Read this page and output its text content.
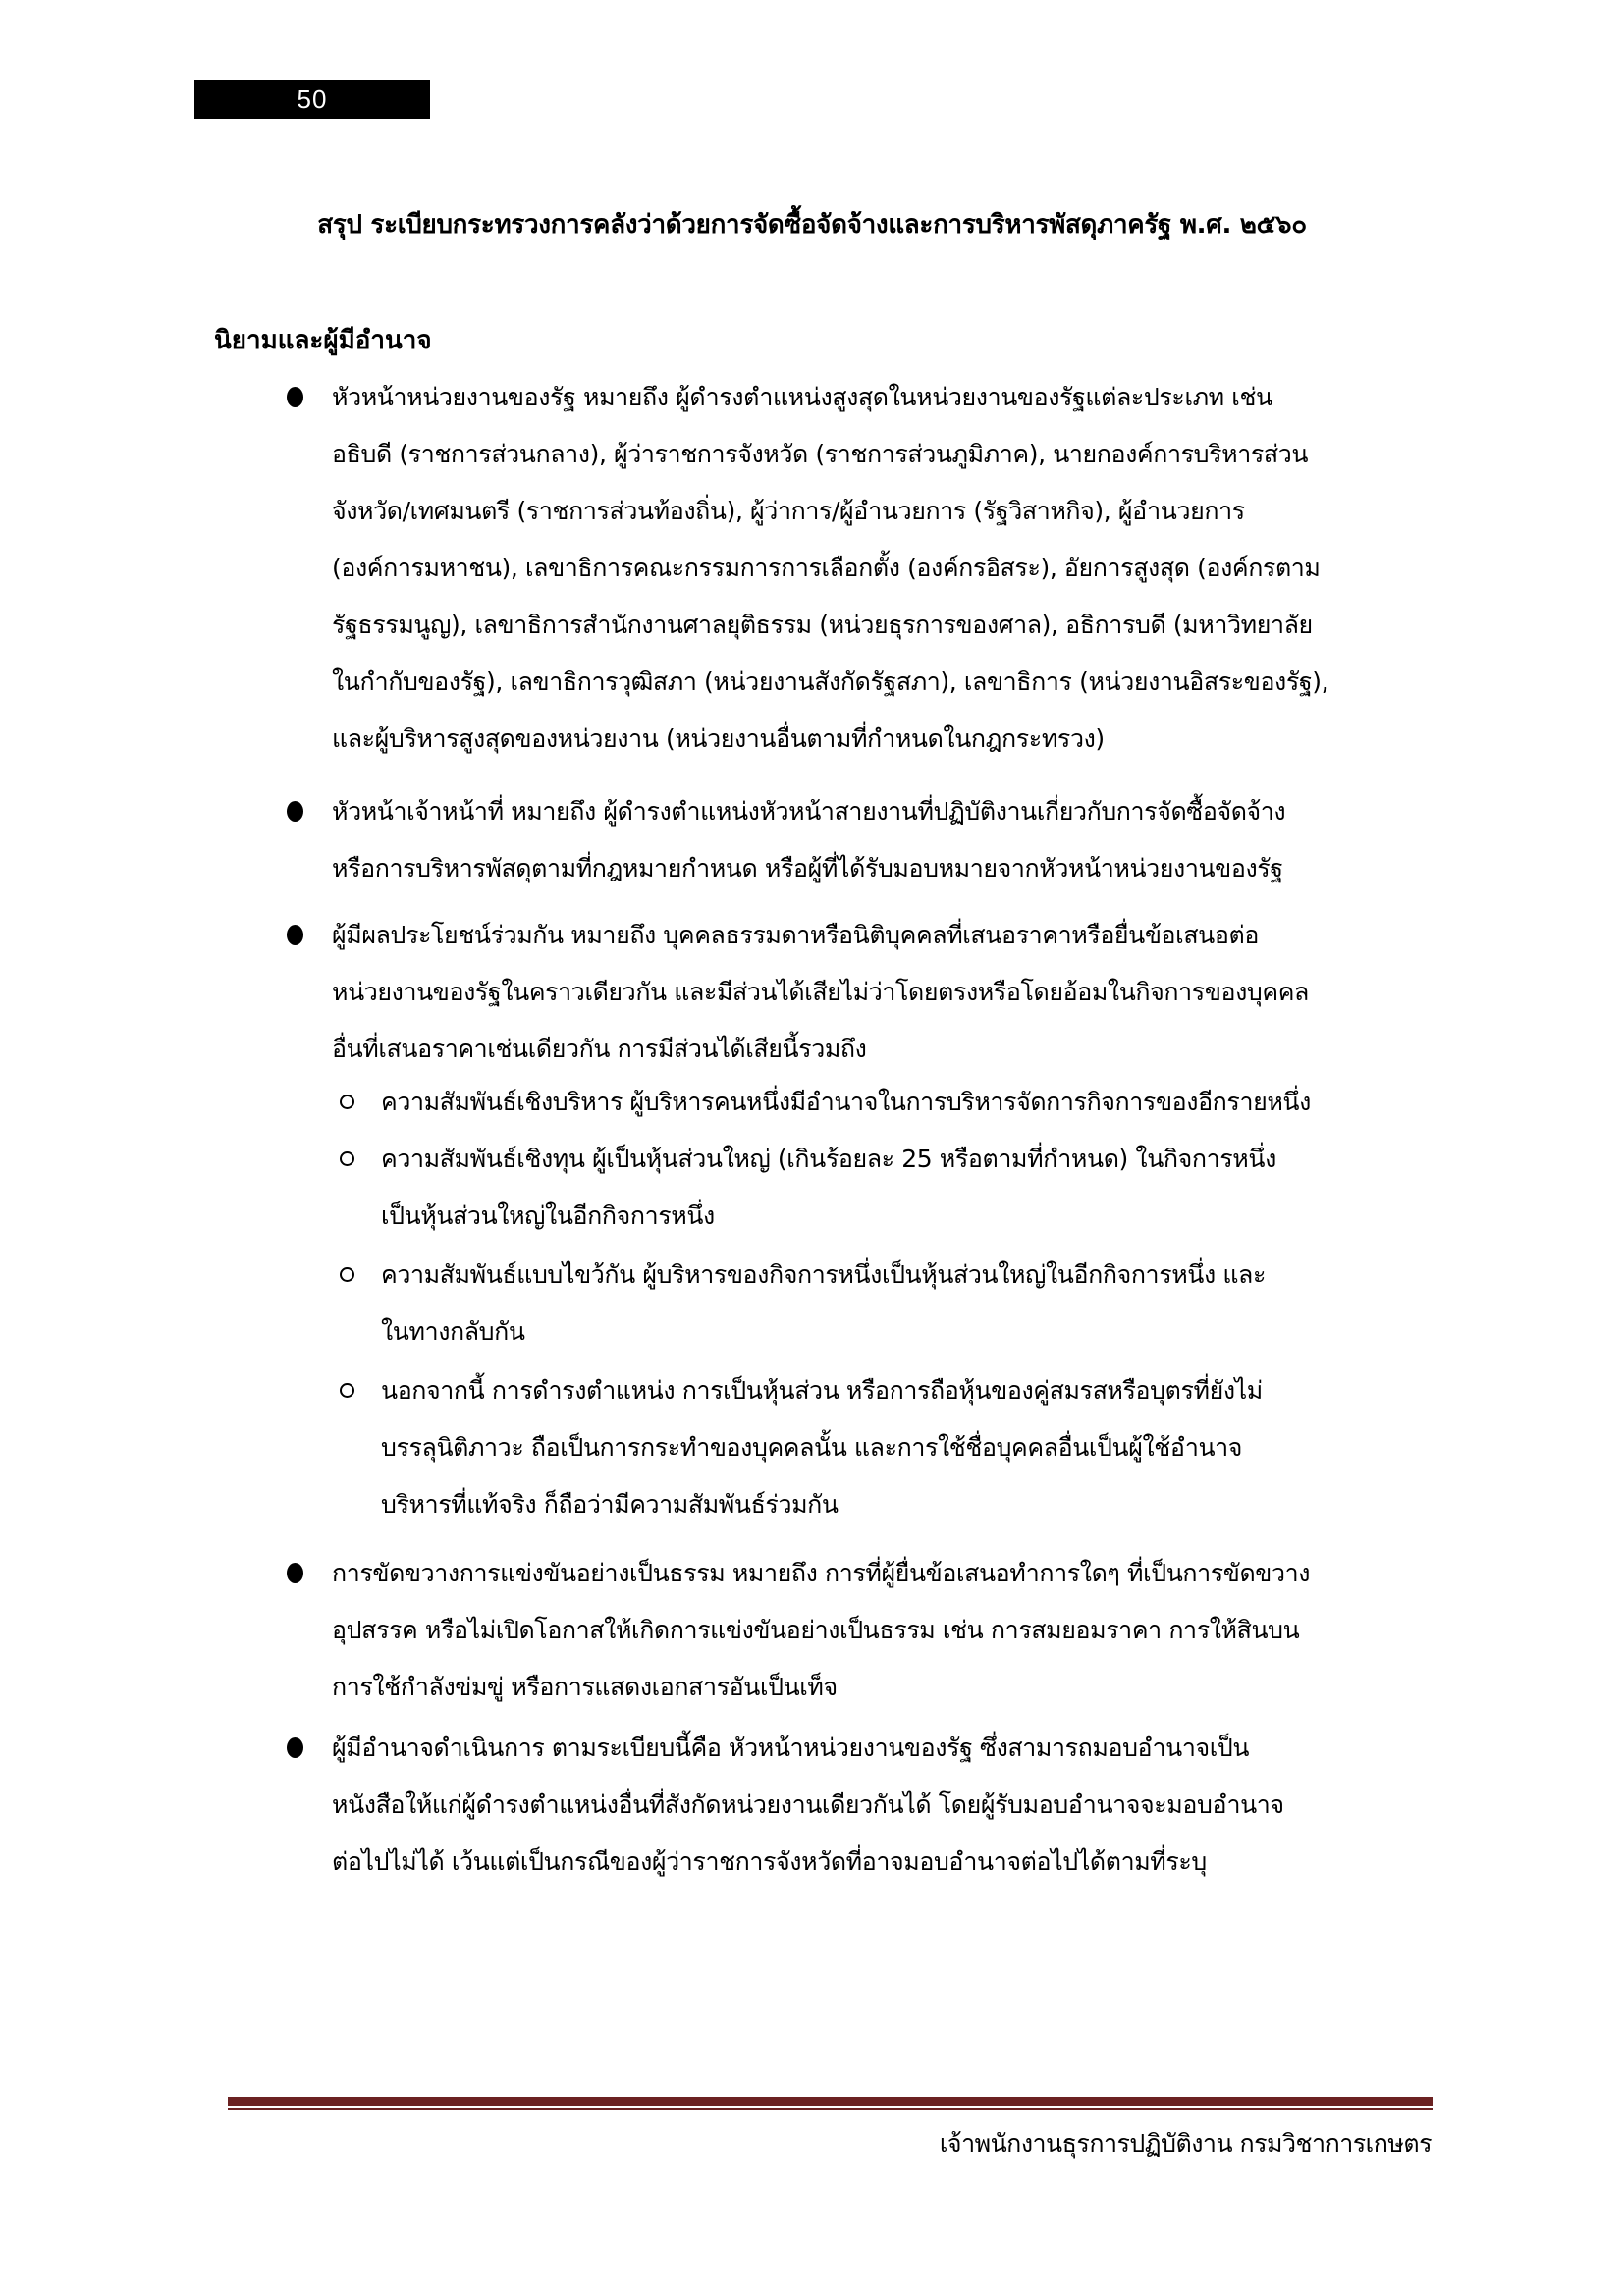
50
สรุป ระเบียบกระทรวงการคลังว่าด้วยการจัดซื้อจัดจ้างและการบริหารพัสดุภาครัฐ พ.ศ. ๒๕๖๐
นิยามและผู้มีอำนาจ
หัวหน้าหน่วยงานของรัฐ หมายถึง ผู้ดำรงตำแหน่งสูงสุดในหน่วยงานของรัฐแต่ละประเภท เช่น
อธิบดี (ราชการส่วนกลาง), ผู้ว่าราชการจังหวัด (ราชการส่วนภูมิภาค), นายกองค์การบริหารส่วน
จังหวัด/เทศมนตรี (ราชการส่วนท้องถิ่น), ผู้ว่าการ/ผู้อำนวยการ (รัฐวิสาหกิจ), ผู้อำนวยการ
(องค์การมหาชน), เลขาธิการคณะกรรมการการเลือกตั้ง (องค์กรอิสระ), อัยการสูงสุด (องค์กรตาม
รัฐธรรมนูญ), เลขาธิการสำนักงานศาลยุติธรรม (หน่วยธุรการของศาล), อธิการบดี (มหาวิทยาลัย
ในกำกับของรัฐ), เลขาธิการวุฒิสภา (หน่วยงานสังกัดรัฐสภา), เลขาธิการ (หน่วยงานอิสระของรัฐ),
และผู้บริหารสูงสุดของหน่วยงาน (หน่วยงานอื่นตามที่กำหนดในกฎกระทรวง)
หัวหน้าเจ้าหน้าที่ หมายถึง ผู้ดำรงตำแหน่งหัวหน้าสายงานที่ปฏิบัติงานเกี่ยวกับการจัดซื้อจัดจ้าง
หรือการบริหารพัสดุตามที่กฎหมายกำหนด หรือผู้ที่ได้รับมอบหมายจากหัวหน้าหน่วยงานของรัฐ
ผู้มีผลประโยชน์ร่วมกัน หมายถึง บุคคลธรรมดาหรือนิติบุคคลที่เสนอราคาหรือยื่นข้อเสนอต่อ
หน่วยงานของรัฐในคราวเดียวกัน และมีส่วนได้เสียไม่ว่าโดยตรงหรือโดยอ้อมในกิจการของบุคคล
อื่นที่เสนอราคาเช่นเดียวกัน การมีส่วนได้เสียนี้รวมถึง
ความสัมพันธ์เชิงบริหาร ผู้บริหารคนหนึ่งมีอำนาจในการบริหารจัดการกิจการของอีกรายหนึ่ง
ความสัมพันธ์เชิงทุน ผู้เป็นหุ้นส่วนใหญ่ (เกินร้อยละ 25 หรือตามที่กำหนด) ในกิจการหนึ่ง
เป็นหุ้นส่วนใหญ่ในอีกกิจการหนึ่ง
ความสัมพันธ์แบบไขว้กัน ผู้บริหารของกิจการหนึ่งเป็นหุ้นส่วนใหญ่ในอีกกิจการหนึ่ง และ
ในทางกลับกัน
นอกจากนี้ การดำรงตำแหน่ง การเป็นหุ้นส่วน หรือการถือหุ้นของคู่สมรสหรือบุตรที่ยังไม่
บรรลุนิติภาวะ ถือเป็นการกระทำของบุคคลนั้น และการใช้ชื่อบุคคลอื่นเป็นผู้ใช้อำนาจ
บริหารที่แท้จริง ก็ถือว่ามีความสัมพันธ์ร่วมกัน
การขัดขวางการแข่งขันอย่างเป็นธรรม หมายถึง การที่ผู้ยื่นข้อเสนอทำการใดๆ ที่เป็นการขัดขวาง
อุปสรรค หรือไม่เปิดโอกาสให้เกิดการแข่งขันอย่างเป็นธรรม เช่น การสมยอมราคา การให้สินบน
การใช้กำลังข่มขู่ หรือการแสดงเอกสารอันเป็นเท็จ
ผู้มีอำนาจดำเนินการ ตามระเบียบนี้คือ หัวหน้าหน่วยงานของรัฐ ซึ่งสามารถมอบอำนาจเป็น
หนังสือให้แก่ผู้ดำรงตำแหน่งอื่นที่สังกัดหน่วยงานเดียวกันได้ โดยผู้รับมอบอำนาจจะมอบอำนาจ
ต่อไปไม่ได้ เว้นแต่เป็นกรณีของผู้ว่าราชการจังหวัดที่อาจมอบอำนาจต่อไปได้ตามที่ระบุ
เจ้าพนักงานธุรการปฏิบัติงาน กรมวิชาการเกษตร
